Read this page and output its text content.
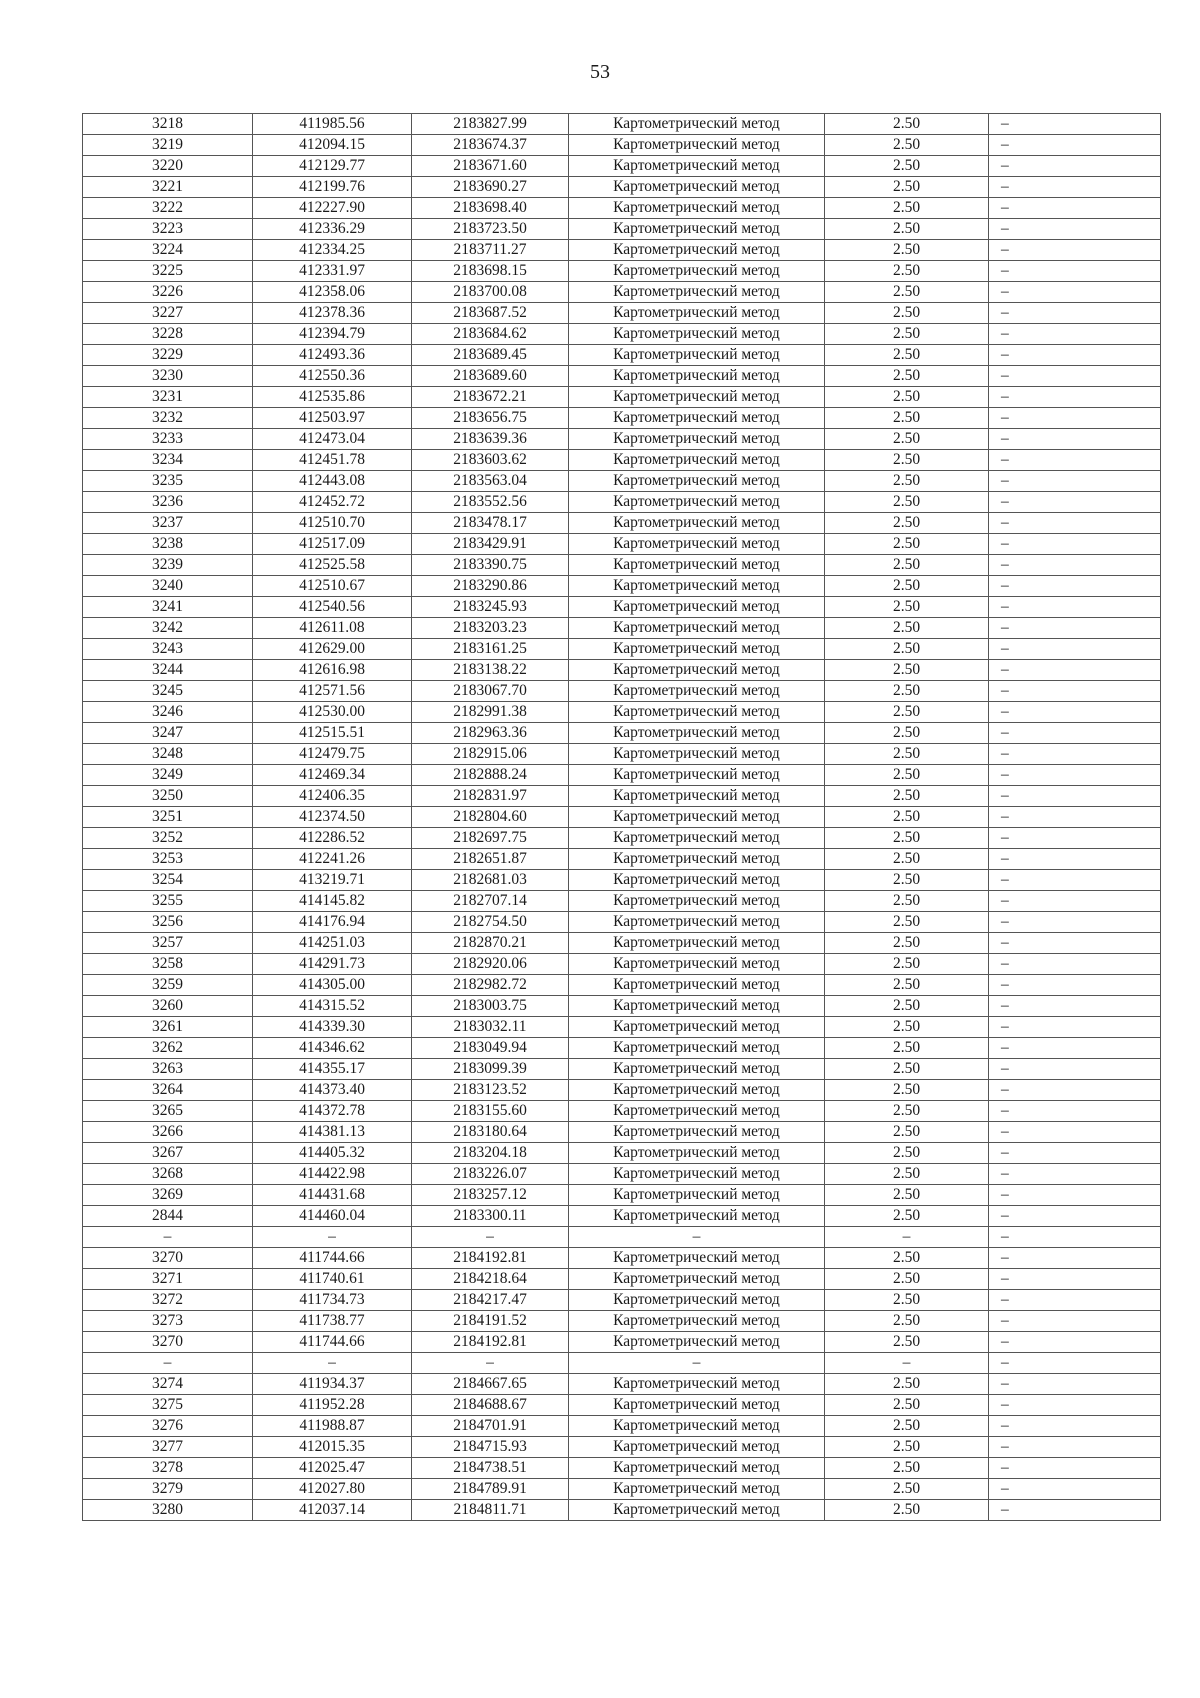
53
3218	411985.56	2183827.99	Картометрический метод	2.50	–
3219	412094.15	2183674.37	Картометрический метод	2.50	–
3220	412129.77	2183671.60	Картометрический метод	2.50	–
3221	412199.76	2183690.27	Картометрический метод	2.50	–
3222	412227.90	2183698.40	Картометрический метод	2.50	–
3223	412336.29	2183723.50	Картометрический метод	2.50	–
3224	412334.25	2183711.27	Картометрический метод	2.50	–
3225	412331.97	2183698.15	Картометрический метод	2.50	–
3226	412358.06	2183700.08	Картометрический метод	2.50	–
3227	412378.36	2183687.52	Картометрический метод	2.50	–
3228	412394.79	2183684.62	Картометрический метод	2.50	–
3229	412493.36	2183689.45	Картометрический метод	2.50	–
3230	412550.36	2183689.60	Картометрический метод	2.50	–
3231	412535.86	2183672.21	Картометрический метод	2.50	–
3232	412503.97	2183656.75	Картометрический метод	2.50	–
3233	412473.04	2183639.36	Картометрический метод	2.50	–
3234	412451.78	2183603.62	Картометрический метод	2.50	–
3235	412443.08	2183563.04	Картометрический метод	2.50	–
3236	412452.72	2183552.56	Картометрический метод	2.50	–
3237	412510.70	2183478.17	Картометрический метод	2.50	–
3238	412517.09	2183429.91	Картометрический метод	2.50	–
3239	412525.58	2183390.75	Картометрический метод	2.50	–
3240	412510.67	2183290.86	Картометрический метод	2.50	–
3241	412540.56	2183245.93	Картометрический метод	2.50	–
3242	412611.08	2183203.23	Картометрический метод	2.50	–
3243	412629.00	2183161.25	Картометрический метод	2.50	–
3244	412616.98	2183138.22	Картометрический метод	2.50	–
3245	412571.56	2183067.70	Картометрический метод	2.50	–
3246	412530.00	2182991.38	Картометрический метод	2.50	–
3247	412515.51	2182963.36	Картометрический метод	2.50	–
3248	412479.75	2182915.06	Картометрический метод	2.50	–
3249	412469.34	2182888.24	Картометрический метод	2.50	–
3250	412406.35	2182831.97	Картометрический метод	2.50	–
3251	412374.50	2182804.60	Картометрический метод	2.50	–
3252	412286.52	2182697.75	Картометрический метод	2.50	–
3253	412241.26	2182651.87	Картометрический метод	2.50	–
3254	413219.71	2182681.03	Картометрический метод	2.50	–
3255	414145.82	2182707.14	Картометрический метод	2.50	–
3256	414176.94	2182754.50	Картометрический метод	2.50	–
3257	414251.03	2182870.21	Картометрический метод	2.50	–
3258	414291.73	2182920.06	Картометрический метод	2.50	–
3259	414305.00	2182982.72	Картометрический метод	2.50	–
3260	414315.52	2183003.75	Картометрический метод	2.50	–
3261	414339.30	2183032.11	Картометрический метод	2.50	–
3262	414346.62	2183049.94	Картометрический метод	2.50	–
3263	414355.17	2183099.39	Картометрический метод	2.50	–
3264	414373.40	2183123.52	Картометрический метод	2.50	–
3265	414372.78	2183155.60	Картометрический метод	2.50	–
3266	414381.13	2183180.64	Картометрический метод	2.50	–
3267	414405.32	2183204.18	Картометрический метод	2.50	–
3268	414422.98	2183226.07	Картометрический метод	2.50	–
3269	414431.68	2183257.12	Картометрический метод	2.50	–
2844	414460.04	2183300.11	Картометрический метод	2.50	–
–	–	–	–	–	–
3270	411744.66	2184192.81	Картометрический метод	2.50	–
3271	411740.61	2184218.64	Картометрический метод	2.50	–
3272	411734.73	2184217.47	Картометрический метод	2.50	–
3273	411738.77	2184191.52	Картометрический метод	2.50	–
3270	411744.66	2184192.81	Картометрический метод	2.50	–
–	–	–	–	–	–
3274	411934.37	2184667.65	Картометрический метод	2.50	–
3275	411952.28	2184688.67	Картометрический метод	2.50	–
3276	411988.87	2184701.91	Картометрический метод	2.50	–
3277	412015.35	2184715.93	Картометрический метод	2.50	–
3278	412025.47	2184738.51	Картометрический метод	2.50	–
3279	412027.80	2184789.91	Картометрический метод	2.50	–
3280	412037.14	2184811.71	Картометрический метод	2.50	–
